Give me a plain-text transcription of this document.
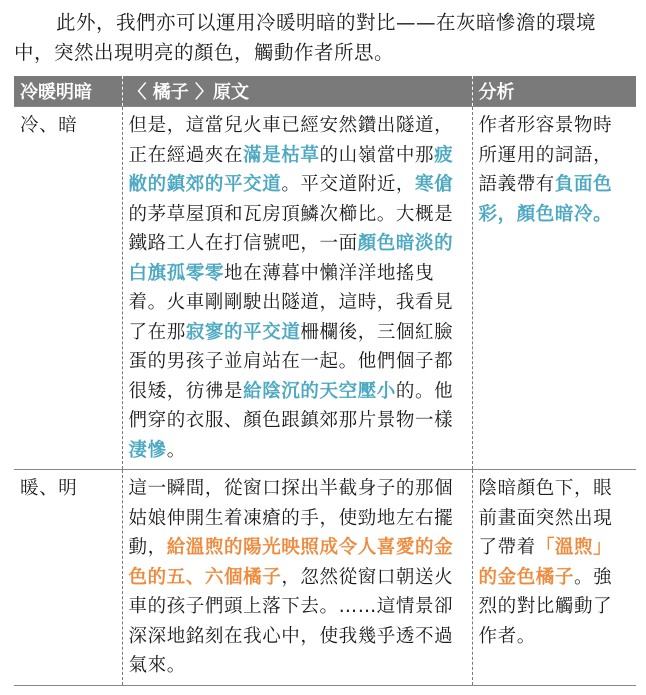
此外，我們亦可以運用冷暖明暗的對比——在灰暗慘澹的環境中，突然出現明亮的顏色，觸動作者所思。

冷暖明暗	〈 橘子 〉原文	分析
冷、暗	但是，這當兒火車已經安然鑽出隧道，正在經過夾在滿是枯草的山嶺當中那疲敝的鎮郊的平交道。平交道附近，寒傖的茅草屋頂和瓦房頂鱗次櫛比。大概是鐵路工人在打信號吧，一面顏色暗淡的白旗孤零零地在薄暮中懶洋洋地搖曳着。火車剛剛駛出隧道，這時，我看見了在那寂寥的平交道柵欄後，三個紅臉蛋的男孩子並肩站在一起。他們個子都很矮，彷彿是給陰沉的天空壓小的。他們穿的衣服、顏色跟鎮郊那片景物一樣淒慘。	作者形容景物時所運用的詞語，語義帶有負面色彩，顏色暗冷。
暖、明	這一瞬間，從窗口探出半截身子的那個姑娘伸開生着凍瘡的手，使勁地左右擺動，給溫煦的陽光映照成令人喜愛的金色的五、六個橘子，忽然從窗口朝送火車的孩子們頭上落下去。……這情景卻深深地銘刻在我心中，使我幾乎透不過氣來。	陰暗顏色下，眼前畫面突然出現了帶着「溫煦」的金色橘子。強烈的對比觸動了作者。
